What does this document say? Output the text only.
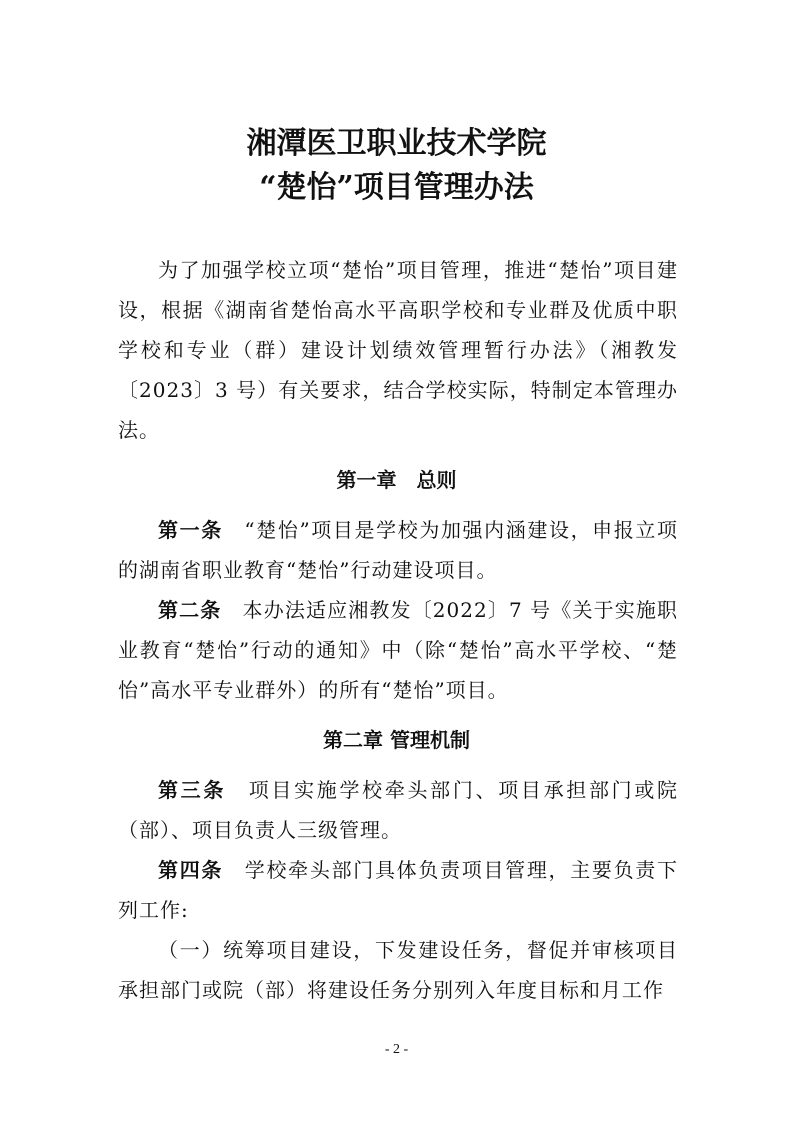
湘潭医卫职业技术学院
“楚怡”项目管理办法
为了加强学校立项“楚怡”项目管理，推进“楚怡”项目建设，根据《湖南省楚怡高水平高职学校和专业群及优质中职学校和专业（群）建设计划绩效管理暂行办法》（湘教发〔2023〕3 号）有关要求，结合学校实际，特制定本管理办法。
第一章　总则
第一条　“楚怡”项目是学校为加强内涵建设，申报立项的湖南省职业教育“楚怡”行动建设项目。
第二条　本办法适应湘教发〔2022〕7 号《关于实施职业教育“楚怡”行动的通知》中（除“楚怡”高水平学校、“楚怡”高水平专业群外）的所有“楚怡”项目。
第二章 管理机制
第三条　项目实施学校牵头部门、项目承担部门或院（部）、项目负责人三级管理。
第四条　学校牵头部门具体负责项目管理，主要负责下列工作:
（一）统筹项目建设，下发建设任务，督促并审核项目承担部门或院（部）将建设任务分别列入年度目标和月工作
- 2 -
